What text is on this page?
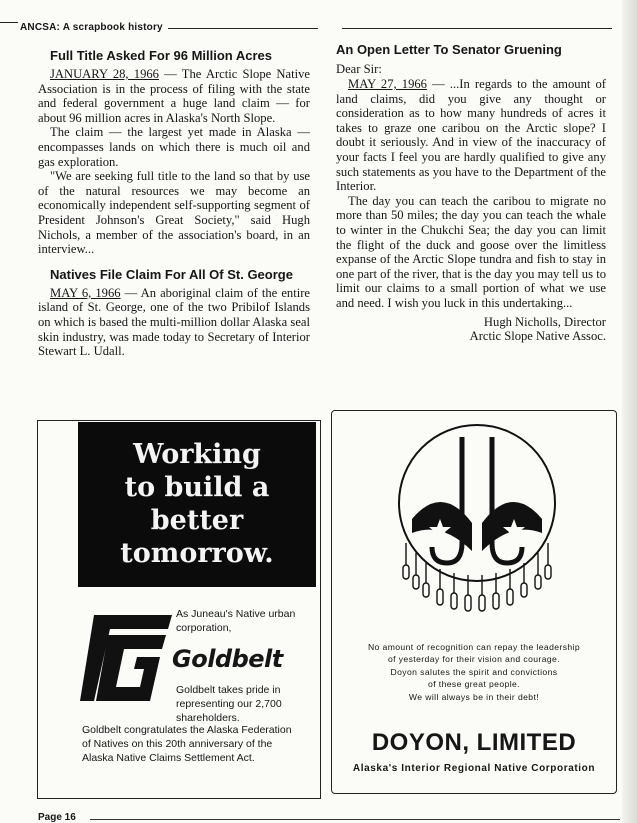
ANCSA: A scrapbook history
Full Title Asked For 96 Million Acres

JANUARY 28, 1966 — The Arctic Slope Native Association is in the process of filing with the state and federal government a huge land claim — for about 96 million acres in Alaska's North Slope.

The claim — the largest yet made in Alaska — encompasses lands on which there is much oil and gas exploration.

"We are seeking full title to the land so that by use of the natural resources we may become an economically independent self-supporting segment of President Johnson's Great Society," said Hugh Nichols, a member of the association's board, in an interview...

Natives File Claim For All Of St. George

MAY 6, 1966 — An aboriginal claim of the entire island of St. George, one of the two Pribilof Islands on which is based the multi-million dollar Alaska seal skin industry, was made today to Secretary of Interior Stewart L. Udall.

An Open Letter To Senator Gruening
Dear Sir:

MAY 27, 1966 — ...In regards to the amount of land claims, did you give any thought or consideration as to how many hundreds of acres it takes to graze one caribou on the Arctic slope? I doubt it seriously. And in view of the inaccuracy of your facts I feel you are hardly qualified to give any such statements as you have to the Department of the Interior.

The day you can teach the caribou to migrate no more than 50 miles; the day you can teach the whale to winter in the Chukchi Sea; the day you can limit the flight of the duck and goose over the limitless expanse of the Arctic Slope tundra and fish to stay in one part of the river, that is the day you may tell us to limit our claims to a small portion of what we use and need. I wish you luck in this undertaking...

Hugh Nicholls, Director
Arctic Slope Native Assoc.
Working
to build a
better
tomorrow.
As Juneau's Native urban corporation,
Goldbelt
Goldbelt takes pride in representing our 2,700 shareholders.
Goldbelt congratulates the Alaska Federation of Natives on this 20th anniversary of the Alaska Native Claims Settlement Act.
No amount of recognition can repay the leadership
of yesterday for their vision and courage.
Doyon salutes the spirit and convictions
of these great people.
We will always be in their debt!
DOYON, LIMITED
Alaska's Interior Regional Native Corporation
Page 16
